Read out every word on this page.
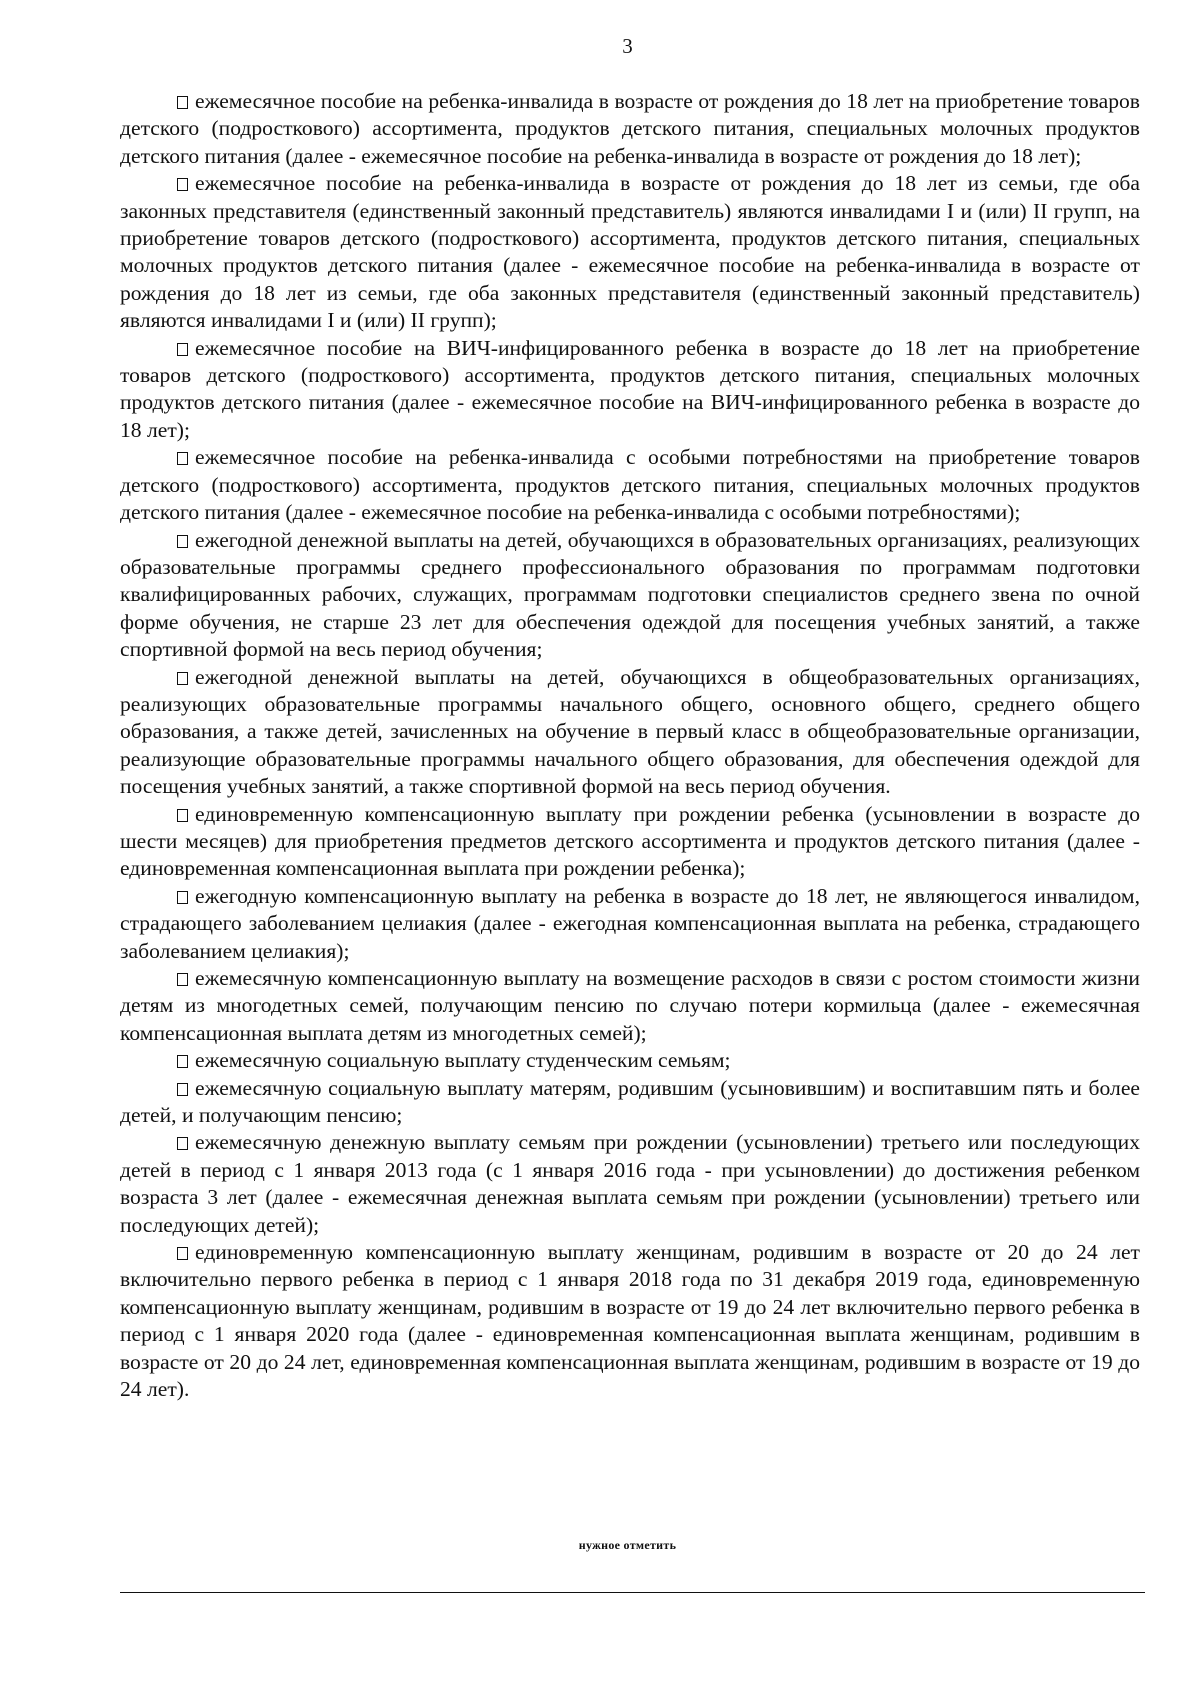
3

ежемесячное пособие на ребенка-инвалида в возрасте от рождения до 18 лет на приобретение товаров детского (подросткового) ассортимента, продуктов детского питания, специальных молочных продуктов детского питания (далее - ежемесячное пособие на ребенка-инвалида в возрасте от рождения до 18 лет);

ежемесячное пособие на ребенка-инвалида в возрасте от рождения до 18 лет из семьи, где оба законных представителя (единственный законный представитель) являются инвалидами I и (или) II групп, на приобретение товаров детского (подросткового) ассортимента, продуктов детского питания, специальных молочных продуктов детского питания (далее - ежемесячное пособие на ребенка-инвалида в возрасте от рождения до 18 лет из семьи, где оба законных представителя (единственный законный представитель) являются инвалидами I и (или) II групп);

ежемесячное пособие на ВИЧ-инфицированного ребенка в возрасте до 18 лет на приобретение товаров детского (подросткового) ассортимента, продуктов детского питания, специальных молочных продуктов детского питания (далее - ежемесячное пособие на ВИЧ-инфицированного ребенка в возрасте до 18 лет);

ежемесячное пособие на ребенка-инвалида с особыми потребностями на приобретение товаров детского (подросткового) ассортимента, продуктов детского питания, специальных молочных продуктов детского питания (далее - ежемесячное пособие на ребенка-инвалида с особыми потребностями);

ежегодной денежной выплаты на детей, обучающихся в образовательных организациях, реализующих образовательные программы среднего профессионального образования по программам подготовки квалифицированных рабочих, служащих, программам подготовки специалистов среднего звена по очной форме обучения, не старше 23 лет для обеспечения одеждой для посещения учебных занятий, а также спортивной формой на весь период обучения;

ежегодной денежной выплаты на детей, обучающихся в общеобразовательных организациях, реализующих образовательные программы начального общего, основного общего, среднего общего образования, а также детей, зачисленных на обучение в первый класс в общеобразовательные организации, реализующие образовательные программы начального общего образования, для обеспечения одеждой для посещения учебных занятий, а также спортивной формой на весь период обучения.

единовременную компенсационную выплату при рождении ребенка (усыновлении в возрасте до шести месяцев) для приобретения предметов детского ассортимента и продуктов детского питания (далее - единовременная компенсационная выплата при рождении ребенка);

ежегодную компенсационную выплату на ребенка в возрасте до 18 лет, не являющегося инвалидом, страдающего заболеванием целиакия (далее - ежегодная компенсационная выплата на ребенка, страдающего заболеванием целиакия);

ежемесячную компенсационную выплату на возмещение расходов в связи с ростом стоимости жизни детям из многодетных семей, получающим пенсию по случаю потери кормильца (далее - ежемесячная компенсационная выплата детям из многодетных семей);

ежемесячную социальную выплату студенческим семьям;

ежемесячную социальную выплату матерям, родившим (усыновившим) и воспитавшим пять и более детей, и получающим пенсию;

ежемесячную денежную выплату семьям при рождении (усыновлении) третьего или последующих детей в период с 1 января 2013 года (с 1 января 2016 года - при усыновлении) до достижения ребенком возраста 3 лет (далее - ежемесячная денежная выплата семьям при рождении (усыновлении) третьего или последующих детей);

единовременную компенсационную выплату женщинам, родившим в возрасте от 20 до 24 лет включительно первого ребенка в период с 1 января 2018 года по 31 декабря 2019 года, единовременную компенсационную выплату женщинам, родившим в возрасте от 19 до 24 лет включительно первого ребенка в период с 1 января 2020 года (далее - единовременная компенсационная выплата женщинам, родившим в возрасте от 20 до 24 лет, единовременная компенсационная выплата женщинам, родившим в возрасте от 19 до 24 лет).

нужное отметить
